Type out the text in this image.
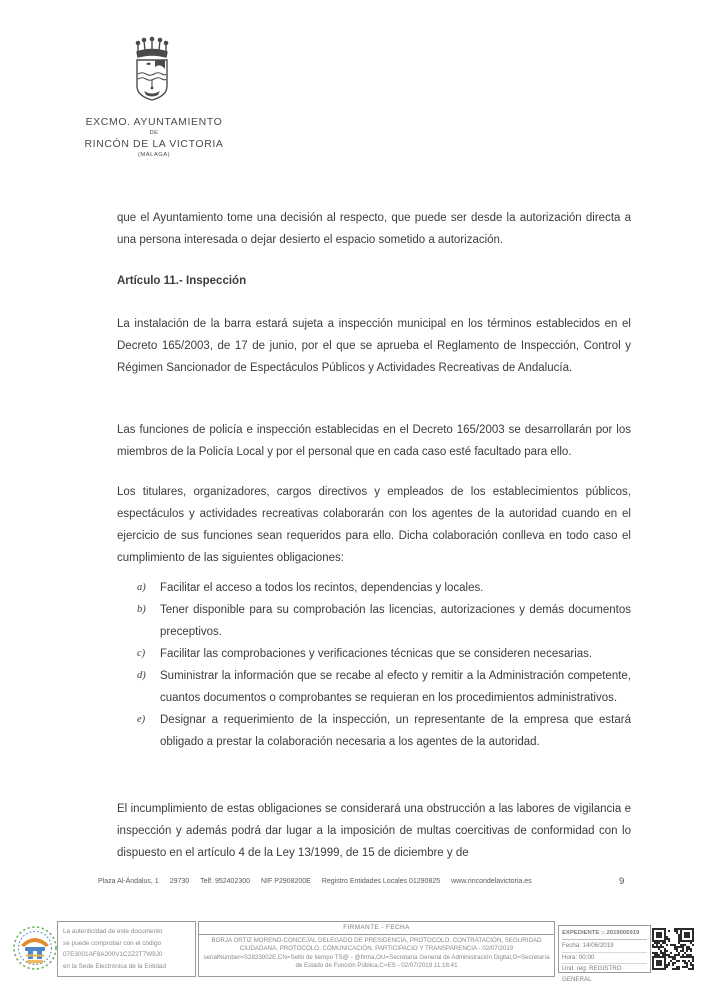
EXCMO. AYUNTAMIENTO
DE
RINCÓN DE LA VICTORIA
(MÁLAGA)

que el Ayuntamiento tome una decisión al respecto, que puede ser desde la autorización directa a una persona interesada o dejar desierto el espacio sometido a autorización.

Artículo 11.- Inspección

La instalación de la barra estará sujeta a inspección municipal en los términos establecidos en el Decreto 165/2003, de 17 de junio, por el que se aprueba el Reglamento de Inspección, Control y Régimen Sancionador de Espectáculos Públicos y Actividades Recreativas de Andalucía.

Las funciones de policía e inspección establecidas en el Decreto 165/2003 se desarrollarán por los miembros de la Policía Local y por el personal que en cada caso esté facultado para ello.

Los titulares, organizadores, cargos directivos y empleados de los establecimientos públicos, espectáculos y actividades recreativas colaborarán con los agentes de la autoridad cuando en el ejercicio de sus funciones sean requeridos para ello. Dicha colaboración conlleva en todo caso el cumplimiento de las siguientes obligaciones:

a)	Facilitar el acceso a todos los recintos, dependencias y locales.
b)	Tener disponible para su comprobación las licencias, autorizaciones y demás documentos preceptivos.
c)	Facilitar las comprobaciones y verificaciones técnicas que se consideren necesarias.
d)	Suministrar la información que se recabe al efecto y remitir a la Administración competente, cuantos documentos o comprobantes se requieran en los procedimientos administrativos.
e)	Designar a requerimiento de la inspección, un representante de la empresa que estará obligado a prestar la colaboración necesaria a los agentes de la autoridad.

El incumplimiento de estas obligaciones se considerará una obstrucción a las labores de vigilancia e inspección y además podrá dar lugar a la imposición de multas coercitivas de conformidad con lo dispuesto en el artículo 4 de la Ley 13/1999, de 15 de diciembre y de

Plaza Al-Ándalus, 1 29730 Telf. 952402300 NIF P2908200E Registro Entidades Locales 01290825 www.rincondelavictoria.es	9
La autenticidad de este documento
se puede comprobar con el código
07E3001AF8A200V1C2Z2T7W9J0
en la Sede Electrónica de la Entidad
FIRMANTE - FECHA
BORJA ORTIZ MORENO-CONCEJAL DELEGADO DE PRESIDENCIA, PROTOCOLO, CONTRATACIÓN, SEGURIDAD CIUDADANA, PROTOCOLO, COMUNICACIÓN, PARTICIPACIO Y TRANSPARENCIA - 02/07/2019
serialNumber=S2833002E,CN=Sello de tiempo TS@ - @firma,OU=Secretaría General de Administración Digital,O=Secretaría de Estado de Función Pública,C=ES - 02/07/2019 11:18:41
EXPEDIENTE :: 2019005919
Fecha: 14/06/2019
Hora: 00:00
Und. reg: REGISTRO GENERAL
